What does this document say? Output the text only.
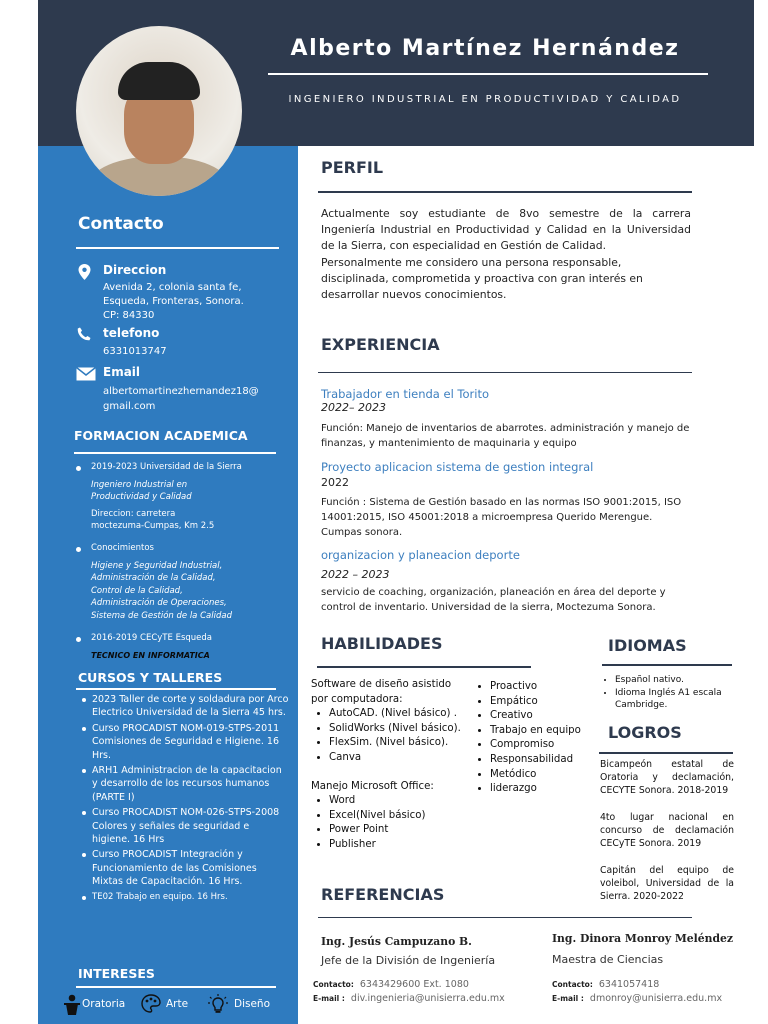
Alberto Martínez Hernández
INGENIERO INDUSTRIAL EN PRODUCTIVIDAD Y CALIDAD
Contacto
Direccion
Avenida 2, colonia santa fe,
Esqueda, Fronteras, Sonora.
CP: 84330
telefono
6331013747
Email
albertomartinezhernandez18@
gmail.com
FORMACION ACADEMICA
2019-2023 Universidad de la Sierra
Ingeniero Industrial en
Productividad y Calidad
Direccion: carretera
moctezuma-Cumpas, Km 2.5
Conocimientos
Higiene y Seguridad Industrial,
Administración de la Calidad,
Control de la Calidad,
Administración de Operaciones,
Sistema de Gestión de la Calidad
2016-2019 CECyTE Esqueda
TECNICO EN INFORMATICA
CURSOS Y TALLERES
2023 Taller de corte y soldadura por Arco Electrico Universidad de la Sierra 45 hrs.
Curso PROCADIST NOM-019-STPS-2011 Comisiones de Seguridad e Higiene. 16 Hrs.
ARH1 Administracion de la capacitacion y desarrollo de los recursos humanos (PARTE I)
Curso PROCADIST NOM-026-STPS-2008 Colores y señales de seguridad e higiene. 16 Hrs
Curso PROCADIST Integración y Funcionamiento de las Comisiones Mixtas de Capacitación. 16 Hrs.
TE02 Trabajo en equipo. 16 Hrs.
INTERESES
Oratoria	Arte	Diseño
PERFIL
Actualmente soy estudiante de 8vo semestre de la carrera Ingeniería Industrial en Productividad y Calidad en la Universidad de la Sierra, con especialidad en Gestión de Calidad.
Personalmente me considero una persona responsable, disciplinada, comprometida y proactiva con gran interés en desarrollar nuevos conocimientos.
EXPERIENCIA
Trabajador en tienda el Torito
2022– 2023
Función: Manejo de inventarios de abarrotes. administración y manejo de finanzas, y mantenimiento de maquinaria y equipo
Proyecto aplicacion sistema de gestion integral
2022
Función : Sistema de Gestión basado en las normas ISO 9001:2015, ISO 14001:2015, ISO 45001:2018 a microempresa Querido Merengue. Cumpas sonora.
organizacion y planeacion deporte
2022 – 2023
servicio de coaching, organización, planeación en área del deporte y control de inventario. Universidad de la sierra, Moctezuma Sonora.
HABILIDADES
Software de diseño asistido por computadora:
• AutoCAD. (Nivel básico) .
• SolidWorks (Nivel básico).
• FlexSim. (Nivel básico).
• Canva
Manejo Microsoft Office:
• Word
• Excel(Nivel básico)
• Power Point
• Publisher
• Proactivo
• Empático
• Creativo
• Trabajo en equipo
• Compromiso
• Responsabilidad
• Metódico
• liderazgo
IDIOMAS
• Español nativo.
• Idioma Inglés A1 escala Cambridge.
LOGROS
Bicampeón estatal de Oratoria y declamación, CECYTE Sonora. 2018-2019
4to lugar nacional en concurso de declamación CECyTE Sonora. 2019
Capitán del equipo de voleibol, Universidad de la Sierra. 2020-2022
REFERENCIAS
Ing. Jesús Campuzano B.
Jefe de la División de Ingeniería
Contacto: 6343429600 Ext. 1080
E-mail : div.ingenieria@unisierra.edu.mx
Ing. Dinora Monroy Meléndez
Maestra de Ciencias
Contacto: 6341057418
E-mail : dmonroy@unisierra.edu.mx
